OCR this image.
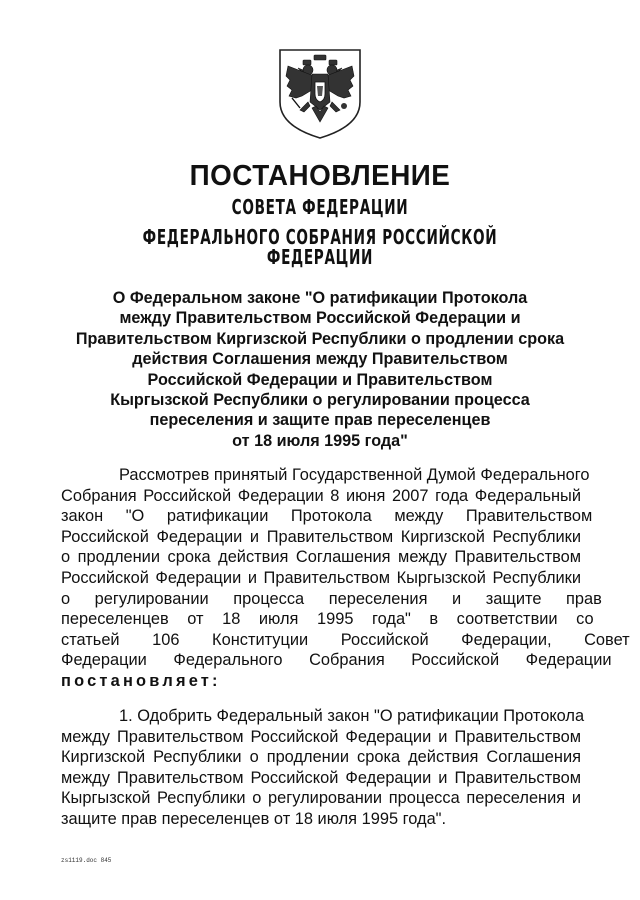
ПОСТАНОВЛЕНИЕ
СОВЕТА ФЕДЕРАЦИИ
ФЕДЕРАЛЬНОГО СОБРАНИЯ РОССИЙСКОЙ ФЕДЕРАЦИИ
О Федеральном законе "О ратификации Протокола
между Правительством Российской Федерации и
Правительством Киргизской Республики о продлении срока
действия Соглашения между Правительством
Российской Федерации и Правительством
Кыргызской Республики о регулировании процесса
переселения и защите прав переселенцев
от 18 июля 1995 года"
Рассмотрев принятый Государственной Думой Федерального
Собрания Российской Федерации 8 июня 2007 года Федеральный
закон "О ратификации Протокола между Правительством
Российской Федерации и Правительством Киргизской Республики
о продлении срока действия Соглашения между Правительством
Российской Федерации и Правительством Кыргызской Республики
о регулировании процесса переселения и защите прав
переселенцев от 18 июля 1995 года" в соответствии со
статьей 106 Конституции Российской Федерации, Совет
Федерации Федерального Собрания Российской Федерации
постановляет:
1. Одобрить Федеральный закон "О ратификации Протокола
между Правительством Российской Федерации и Правительством
Киргизской Республики о продлении срока действия Соглашения
между Правительством Российской Федерации и Правительством
Кыргызской Республики о регулировании процесса переселения и
защите прав переселенцев от 18 июля 1995 года".
zs1119.doc 845
